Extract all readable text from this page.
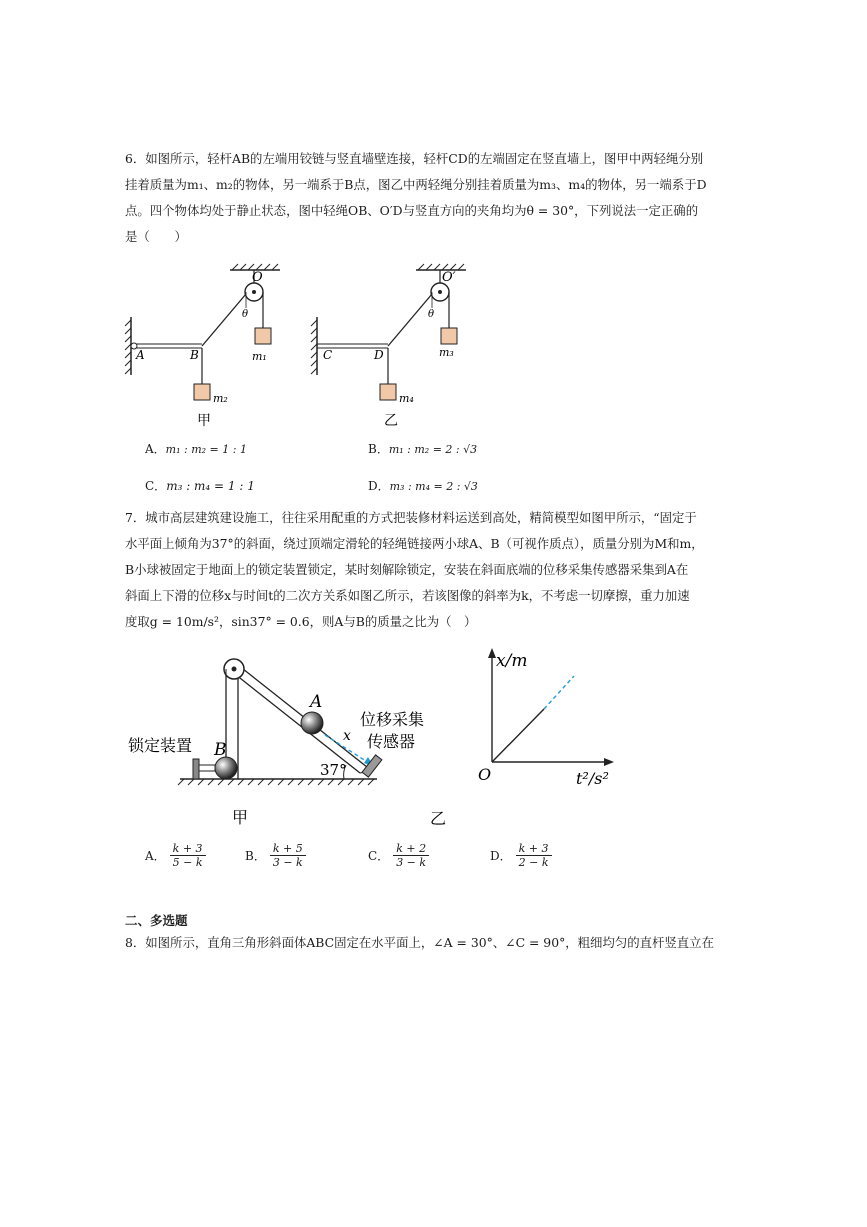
6．如图所示，轻杆AB的左端用铰链与竖直墙壁连接，轻杆CD的左端固定在竖直墙上，图甲中两轻绳分别
挂着质量为m₁、m₂的物体，另一端系于B点，图乙中两轻绳分别挂着质量为m₃、m₄的物体，另一端系于D
点。四个物体均处于静止状态，图中轻绳OB、O′D与竖直方向的夹角均为θ = 30°，下列说法一定正确的
是（　　）
O
θ
m₁
A	B
m₂
甲
O′
θ
m₃
C	D
m₄
乙
A．m₁ : m₂ = 1 : 1	B．m₁ : m₂ = 2 : √3
C．m₃ : m₄ = 1 : 1	D．m₃ : m₄ = 2 : √3
7．城市高层建筑建设施工，往往采用配重的方式把装修材料运送到高处，精简模型如图甲所示，“固定于
水平面上倾角为37°的斜面，绕过顶端定滑轮的轻绳链接两小球A、B（可视作质点），质量分别为M和m，
B小球被固定于地面上的锁定装置锁定，某时刻解除锁定，安装在斜面底端的位移采集传感器采集到A在
斜面上下滑的位移x与时间t的二次方关系如图乙所示，若该图像的斜率为k，不考虑一切摩擦，重力加速
度取g = 10m/s²，sin37° = 0.6，则A与B的质量之比为（　）
A
B
x
37°
锁定装置
位移采集
传感器
甲
x/m
O	t²/s²
乙
A． $\frac{k + 3}{5 - k}$	B． $\frac{k + 5}{3 - k}$	C． $\frac{k + 2}{3 - k}$	D． $\frac{k + 3}{2 - k}$
二、多选题
8．如图所示，直角三角形斜面体ABC固定在水平面上，∠A = 30°、∠C = 90°，粗细均匀的直杆竖直立在
